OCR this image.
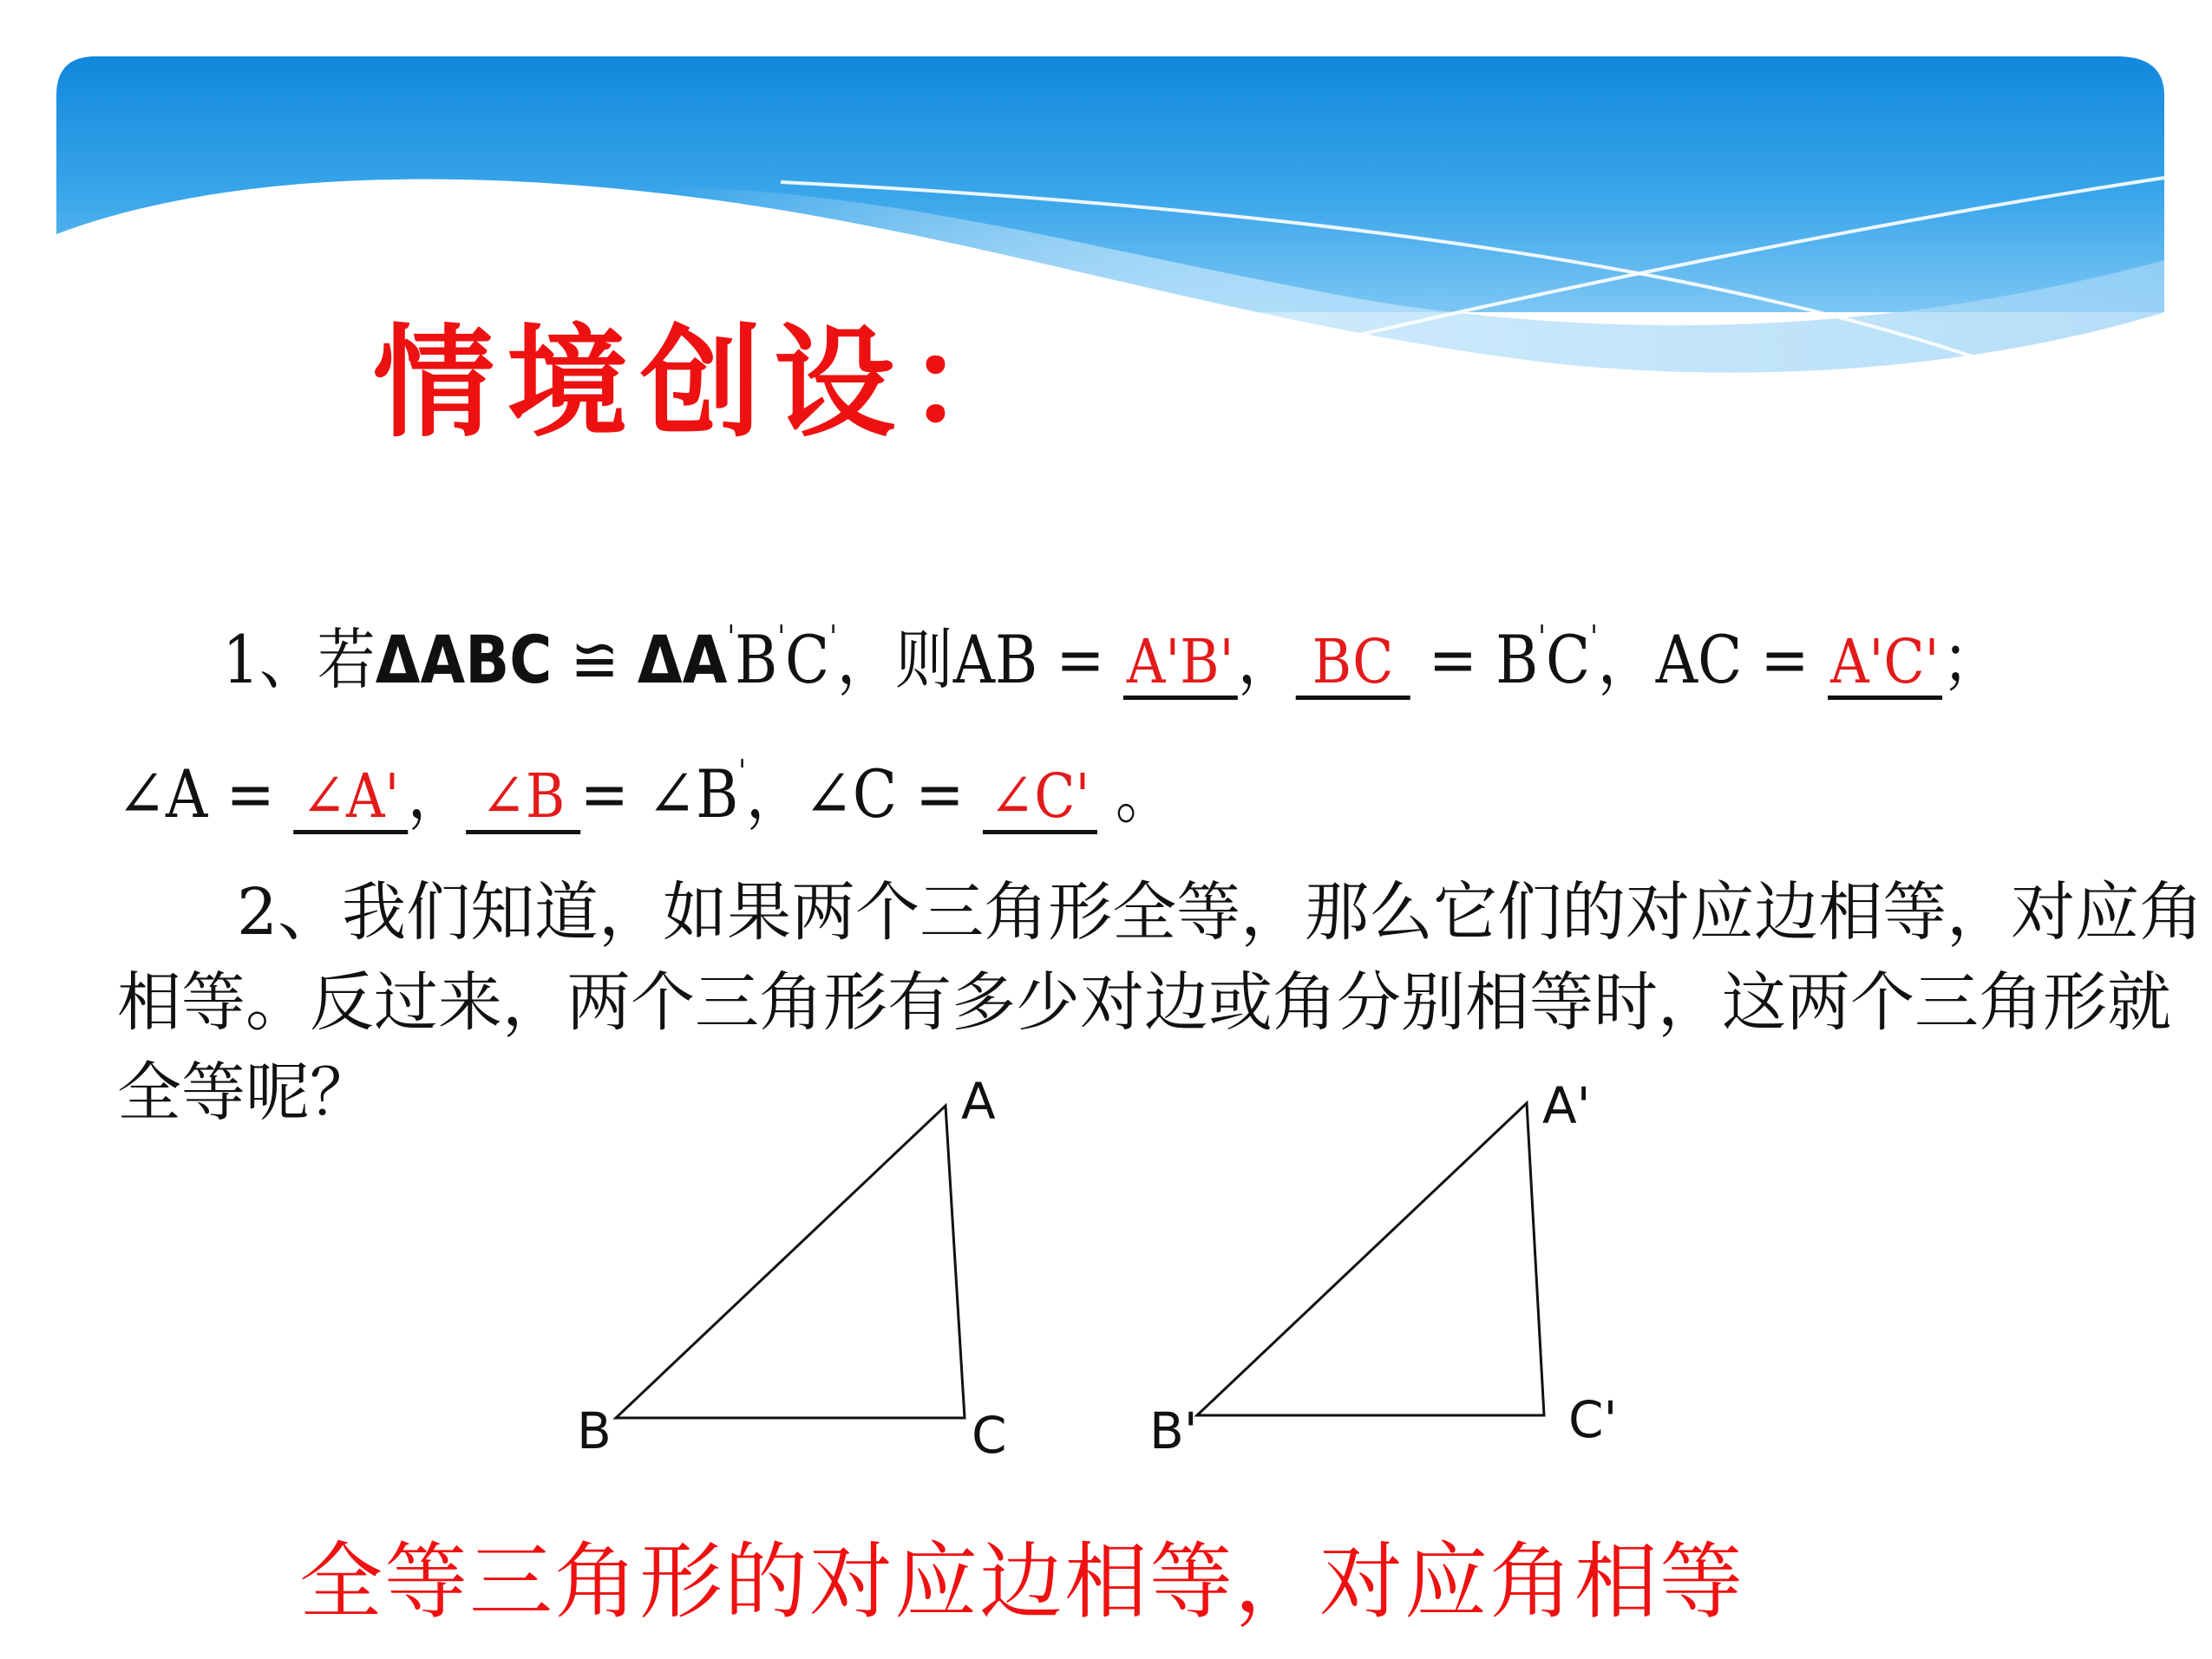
情境创设：
1、若ΔABC ≌ ΔA'B'C'，则AB = A'B'， BC = B'C'，AC = A'C'；
∠A = ∠A' ， ∠B = ∠B'，∠C = ∠C' 。
2、我们知道，如果两个三角形全等，那么它们的对应边相等，对应角
相等。反过来，两个三角形有多少对边或角分别相等时，这两个三角形就
全等呢？	A
B	C
A'
B'	C'
全等三角形的对应边相等，对应角相等
